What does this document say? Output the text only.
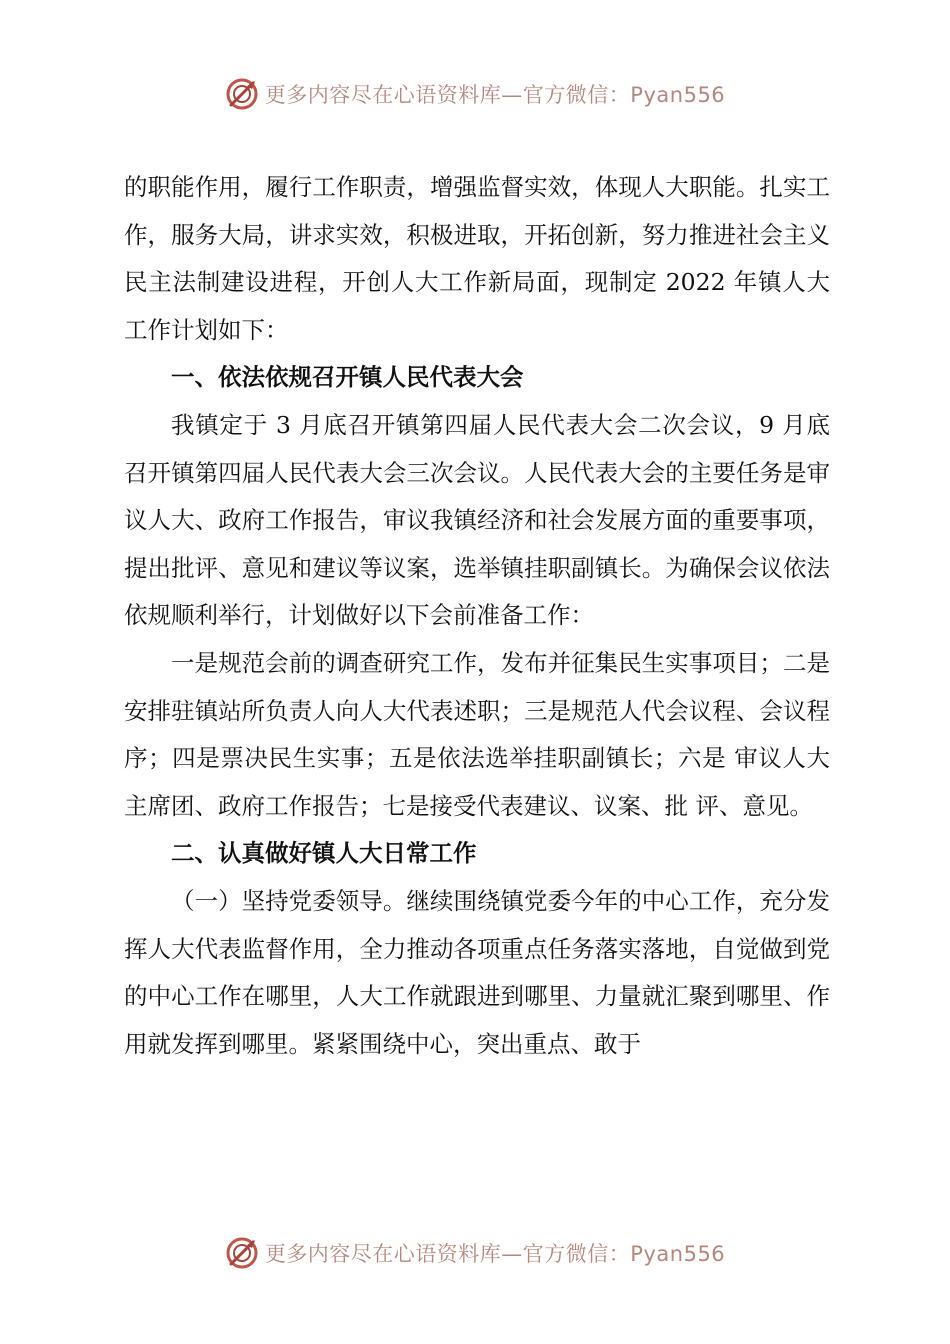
更多内容尽在心语资料库—官方微信：Pyan556

的职能作用，履行工作职责，增强监督实效，体现人大职能。扎实工作，服务大局，讲求实效，积极进取，开拓创新，努力推进社会主义民主法制建设进程，开创人大工作新局面，现制定 2022 年镇人大工作计划如下：

一、依法依规召开镇人民代表大会

我镇定于 3 月底召开镇第四届人民代表大会二次会议，9 月底召开镇第四届人民代表大会三次会议。人民代表大会的主要任务是审议人大、政府工作报告，审议我镇经济和社会发展方面的重要事项，提出批评、意见和建议等议案，选举镇挂职副镇长。为确保会议依法依规顺利举行，计划做好以下会前准备工作：

一是规范会前的调查研究工作，发布并征集民生实事项目；二是安排驻镇站所负责人向人大代表述职；三是规范人代会议程、会议程序；四是票决民生实事；五是依法选举挂职副镇长；六是 审议人大主席团、政府工作报告；七是接受代表建议、议案、批 评、意见。

二、认真做好镇人大日常工作

（一）坚持党委领导。继续围绕镇党委今年的中心工作，充分发挥人大代表监督作用，全力推动各项重点任务落实落地，自觉做到党的中心工作在哪里，人大工作就跟进到哪里、力量就汇聚到哪里、作用就发挥到哪里。紧紧围绕中心，突出重点、敢于

更多内容尽在心语资料库—官方微信：Pyan556
